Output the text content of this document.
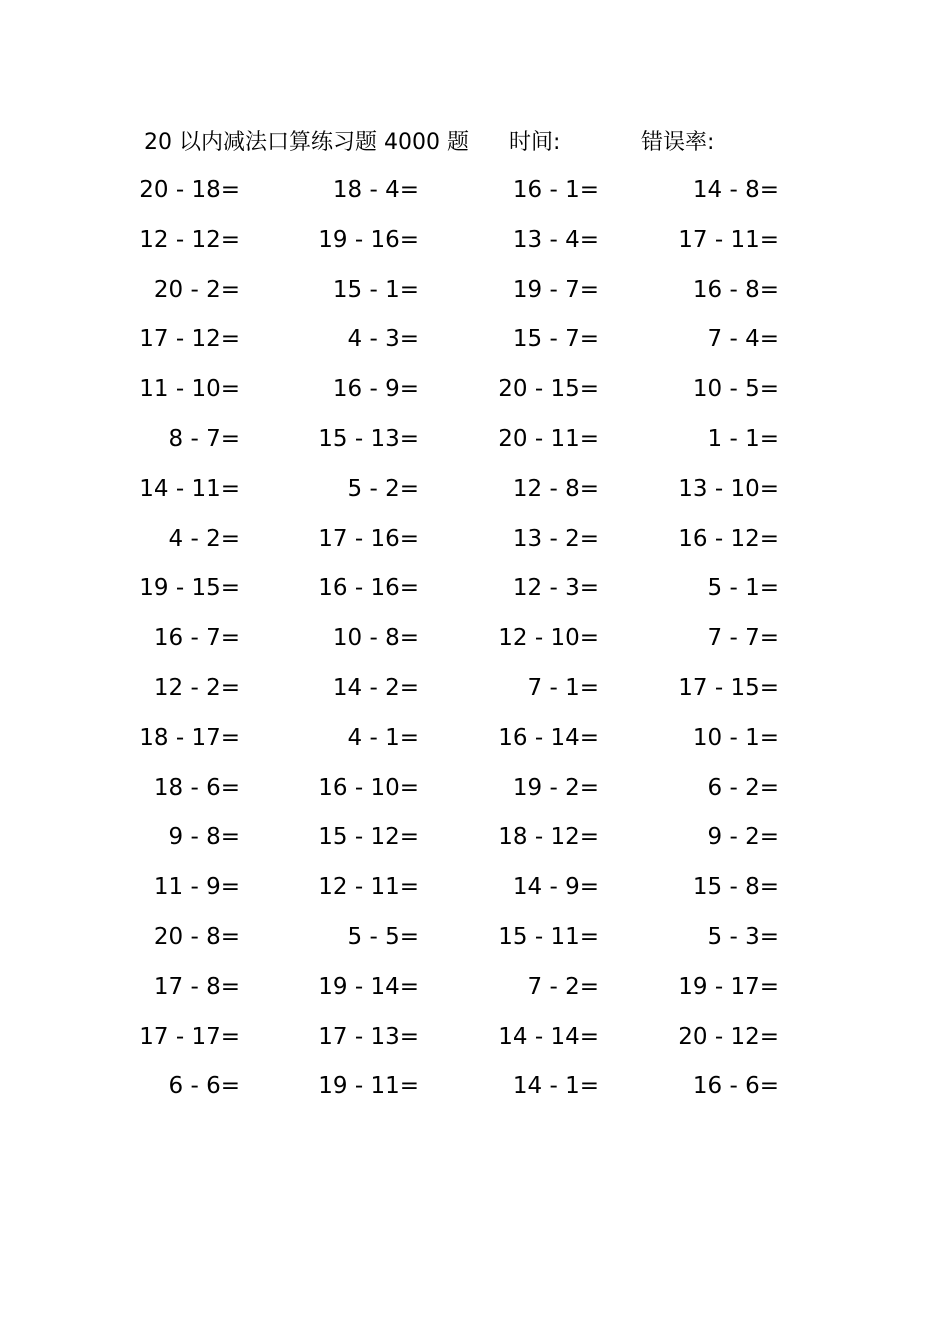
20 以内减法口算练习题 4000 题 时间:	错误率:
20 - 18=	18 - 4=	16 - 1=	14 - 8=
12 - 12=	19 - 16=	13 - 4=	17 - 11=
20 - 2=	15 - 1=	19 - 7=	16 - 8=
17 - 12=	4 - 3=	15 - 7=	7 - 4=
11 - 10=	16 - 9=	20 - 15=	10 - 5=
8 - 7=	15 - 13=	20 - 11=	1 - 1=
14 - 11=	5 - 2=	12 - 8=	13 - 10=
4 - 2=	17 - 16=	13 - 2=	16 - 12=
19 - 15=	16 - 16=	12 - 3=	5 - 1=
16 - 7=	10 - 8=	12 - 10=	7 - 7=
12 - 2=	14 - 2=	7 - 1=	17 - 15=
18 - 17=	4 - 1=	16 - 14=	10 - 1=
18 - 6=	16 - 10=	19 - 2=	6 - 2=
9 - 8=	15 - 12=	18 - 12=	9 - 2=
11 - 9=	12 - 11=	14 - 9=	15 - 8=
20 - 8=	5 - 5=	15 - 11=	5 - 3=
17 - 8=	19 - 14=	7 - 2=	19 - 17=
17 - 17=	17 - 13=	14 - 14=	20 - 12=
6 - 6=	19 - 11=	14 - 1=	16 - 6=
